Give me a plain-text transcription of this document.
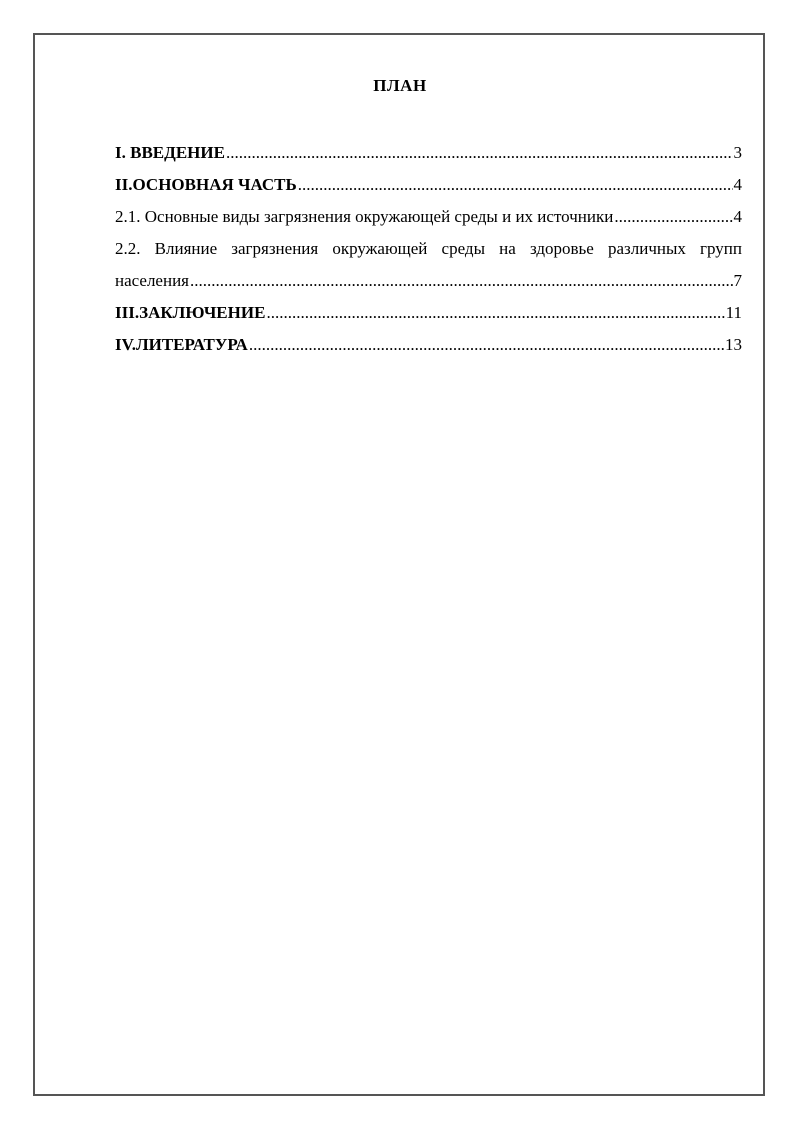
ПЛАН
I. ВВЕДЕНИЕ .....	3
II.ОСНОВНАЯ ЧАСТЬ .....	4
2.1. Основные виды загрязнения окружающей среды и их источники .....	4
2.2. Влияние загрязнения окружающей среды на здоровье различных групп
населения .....	7
III.ЗАКЛЮЧЕНИЕ .....	11
IV.ЛИТЕРАТУРА .....	13
